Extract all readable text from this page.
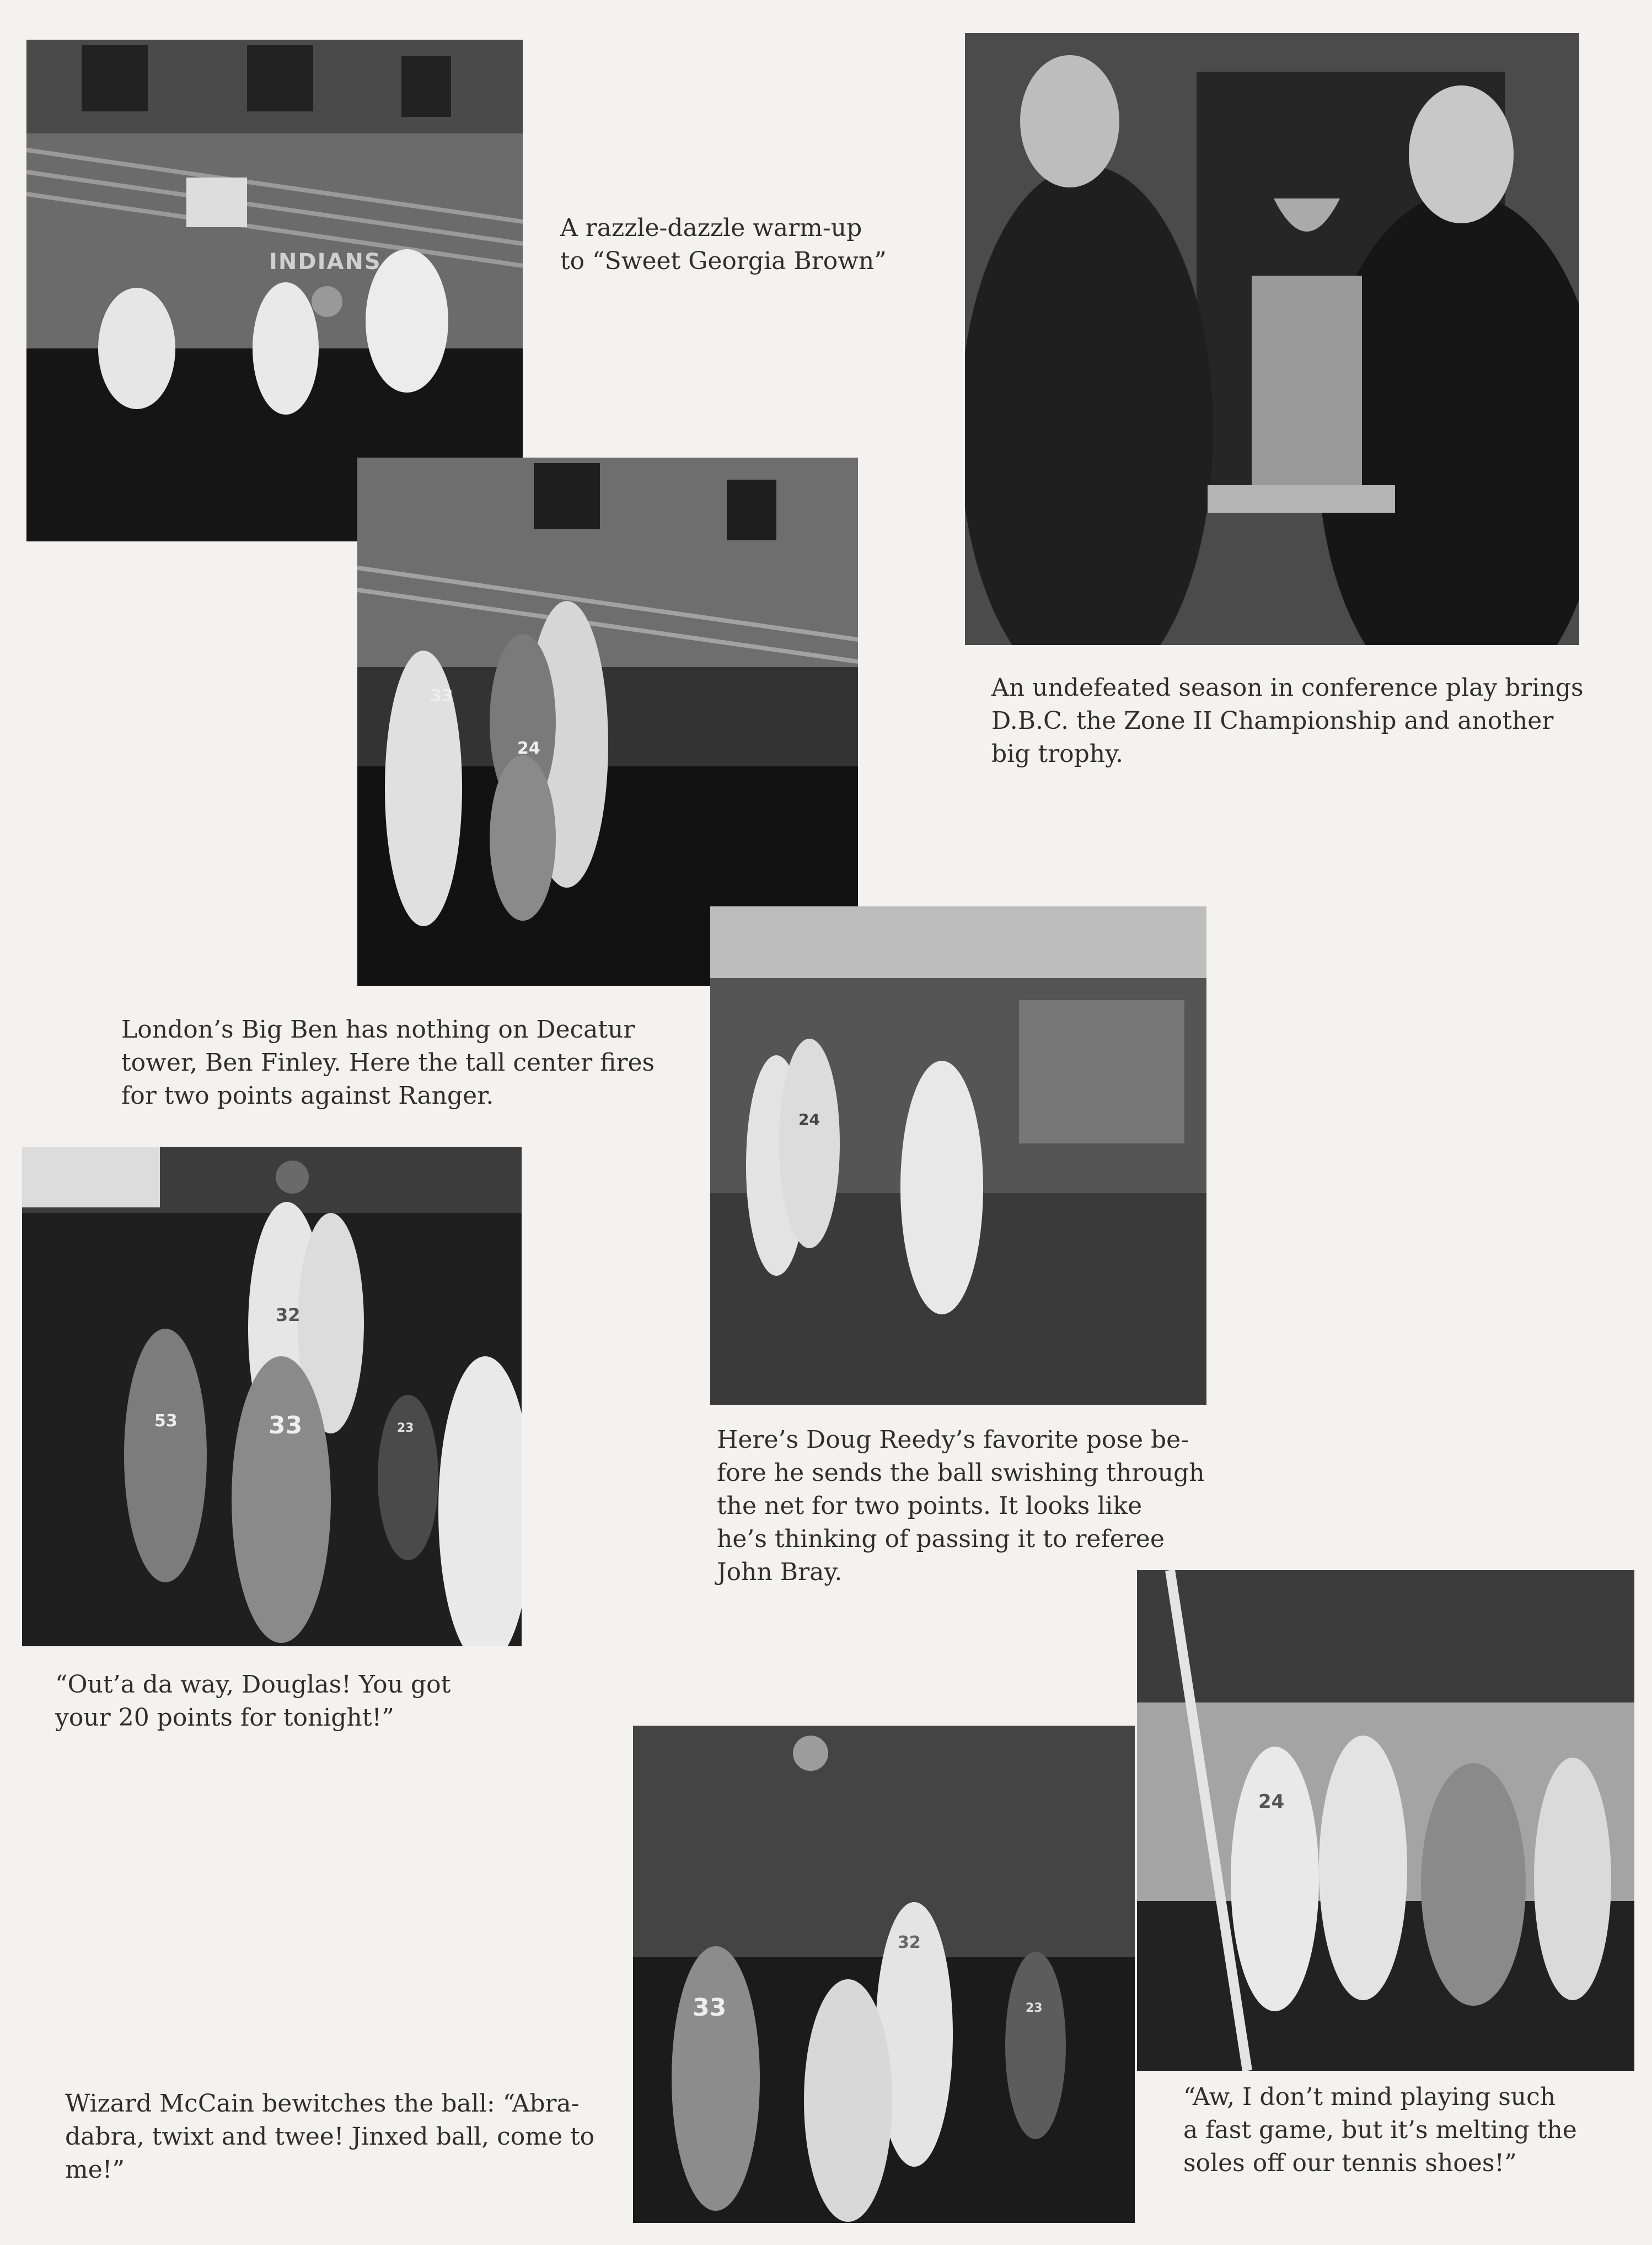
INDIANS
A razzle-dazzle warm-up
to “Sweet Georgia Brown”
An undefeated season in conference play brings
D.B.C. the Zone II Championship and another
big trophy.
33
24
London’s Big Ben has nothing on Decatur
tower, Ben Finley. Here the tall center fires
for two points against Ranger.
24
Here’s Doug Reedy’s favorite pose be-
fore he sends the ball swishing through
the net for two points. It looks like
he’s thinking of passing it to referee
John Bray.
32
33
53	23
“Out’a da way, Douglas! You got
your 20 points for tonight!”
32
33	23
Wizard McCain bewitches the ball: “Abra-
dabra, twixt and twee! Jinxed ball, come to
me!”
24
“Aw, I don’t mind playing such
a fast game, but it’s melting the
soles off our tennis shoes!”
